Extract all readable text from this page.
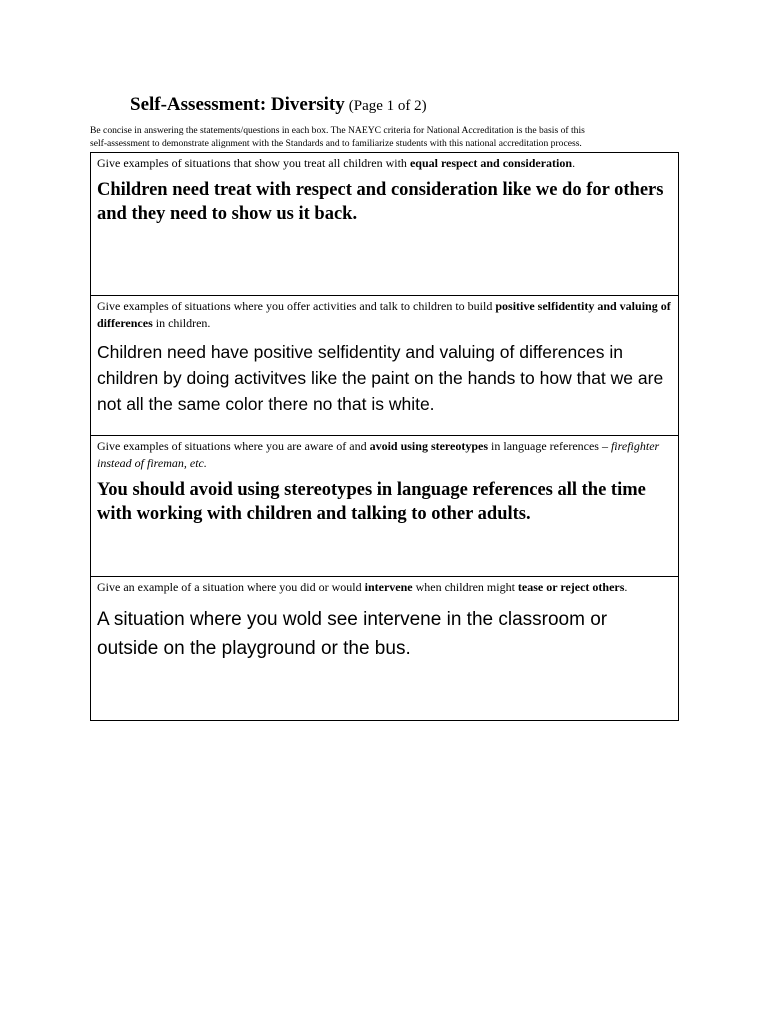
Self-Assessment: Diversity (Page 1 of 2)
Be concise in answering the statements/questions in each box. The NAEYC criteria for National Accreditation is the basis of this
self-assessment to demonstrate alignment with the Standards and to familiarize students with this national accreditation process.
Give examples of situations that show you treat all children with equal respect and consideration.
Children need treat with respect and consideration like we do for others and they need to show us it back.
Give examples of situations where you offer activities and talk to children to build positive selfidentity and valuing of differences in children.
Children need have positive selfidentity and valuing of differences in children by doing activitves like the paint on the hands to how that we are not all the same color there no that is white.
Give examples of situations where you are aware of and avoid using stereotypes in language references – firefighter instead of fireman, etc.
You should avoid using stereotypes in language references all the time with working with children and talking to other adults.
Give an example of a situation where you did or would intervene when children might tease or reject others.
A situation where you wold see intervene in the classroom or outside on the playground or the bus.
